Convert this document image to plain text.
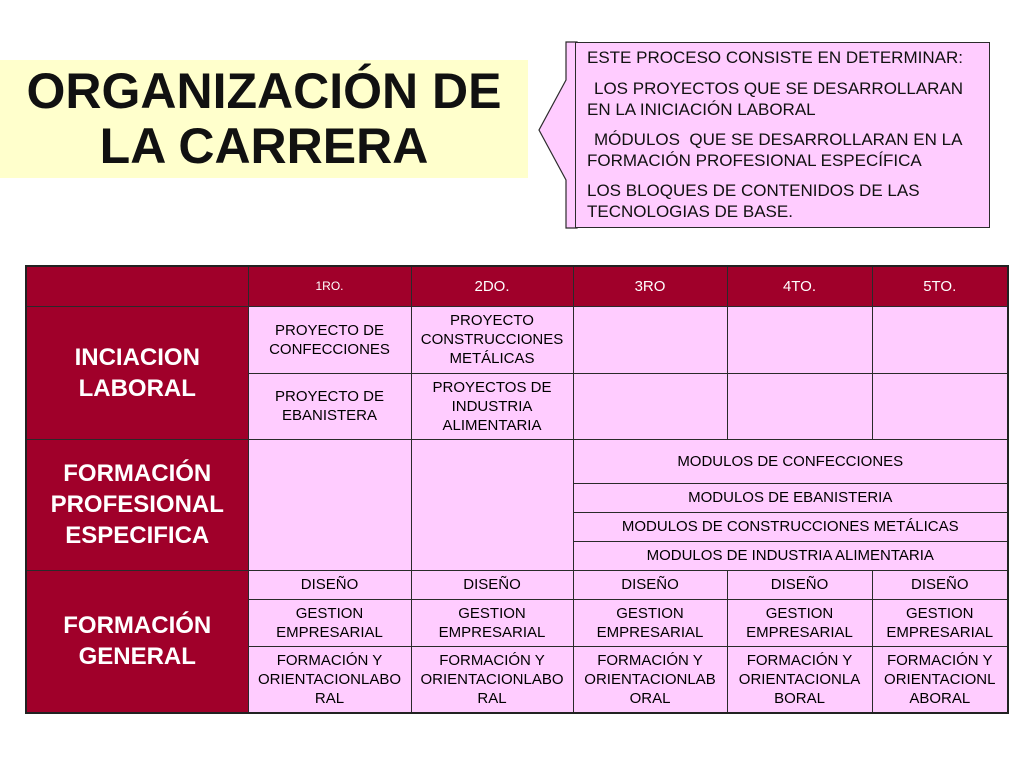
ORGANIZACIÓN DE
LA CARRERA
ESTE PROCESO CONSISTE EN DETERMINAR:
LOS PROYECTOS QUE SE DESARROLLARAN EN LA INICIACIÓN LABORAL
MÓDULOS  QUE SE DESARROLLARAN EN LA FORMACIÓN PROFESIONAL ESPECÍFICA
LOS BLOQUES DE CONTENIDOS DE LAS TECNOLOGIAS DE BASE.
	1RO.	2DO.	3RO	4TO.	5TO.
INCIACION LABORAL	PROYECTO DE CONFECCIONES	PROYECTO CONSTRUCCIONES METÁLICAS			
	PROYECTO DE EBANISTERA	PROYECTOS DE INDUSTRIA ALIMENTARIA			
FORMACIÓN PROFESIONAL ESPECIFICA			MODULOS DE CONFECCIONES		
			MODULOS DE EBANISTERIA		
			MODULOS DE CONSTRUCCIONES METÁLICAS		
			MODULOS DE INDUSTRIA ALIMENTARIA		
FORMACIÓN GENERAL	DISEÑO	DISEÑO	DISEÑO	DISEÑO	DISEÑO
	GESTION EMPRESARIAL	GESTION EMPRESARIAL	GESTION EMPRESARIAL	GESTION EMPRESARIAL	GESTION EMPRESARIAL
	FORMACIÓN Y ORIENTACIONLABORAL	FORMACIÓN Y ORIENTACIONLABORAL	FORMACIÓN Y ORIENTACIONLABORAL	FORMACIÓN Y ORIENTACIONLABORAL	FORMACIÓN Y ORIENTACIONLABORAL
